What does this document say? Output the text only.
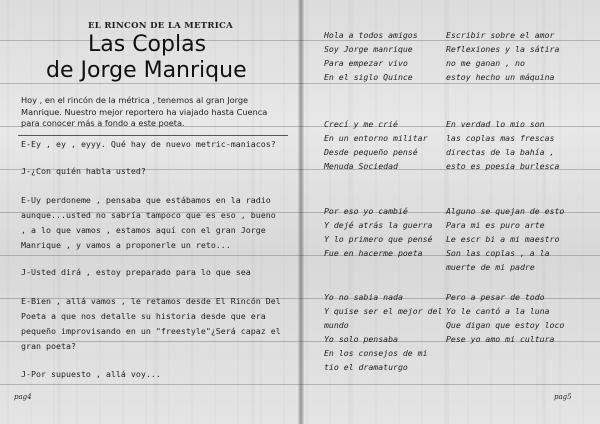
EL RINCON DE LA METRICA
Las Coplas
de Jorge Manrique
Hoy , en el rincón de la métrica , tenemos al gran Jorge Manrique. Nuestro mejor reportero ha viajado hasta Cuenca para conocer más a fondo a este poeta.

E-Ey , ey , eyyy. Qué hay de nuevo metric-maniacos?

J-¿Con quién habla usted?

E-Uy perdoneme , pensaba que estábamos en la radio aunque...usted no sabría tampoco que es eso , bueno , a lo que vamos , estamos aquí con el gran Jorge Manrique , y vamos a proponerle un reto...

J-Usted dirá , estoy preparado para lo que sea

E-Bien , allá vamos , le retamos desde El Rincón Del Poeta a que nos detalle su historia desde que era pequeño improvisando en un "freestyle"¿Será capaz el gran poeta?

J-Por supuesto , allá voy...

pag4
Hola a todos amigos
Soy Jorge manrique
Para empezar vivo
En el siglo Quince
Escribir sobre el amor
Reflexiones y la sátira
no me ganan , no
estoy hecho un máquina
Crecí y me crié
En un entorno militar
Desde pequeño pensé
Menuda Sociedad
En verdad lo mio son
las coplas mas frescas
directas de la bahía ,
esto es poesia burlesca
Por eso yo cambié
Y dejé atrás la guerra
Y lo primero que pensé
Fue en hacerme poeta
Alguno se quejan de esto
Para mi es puro arte
Le escr bi a mi maestro
Son las coplas , a la
muerte de mi padre
Yo no sabia nada
Y quise ser el mejor del mundo
Yo solo pensaba
En los consejos de mi
tio el dramaturgo
Pero a pesar de todo
Yo le cantó a la luna
Que digan que estoy loco
Pese yo amo mi cultura
pag5
